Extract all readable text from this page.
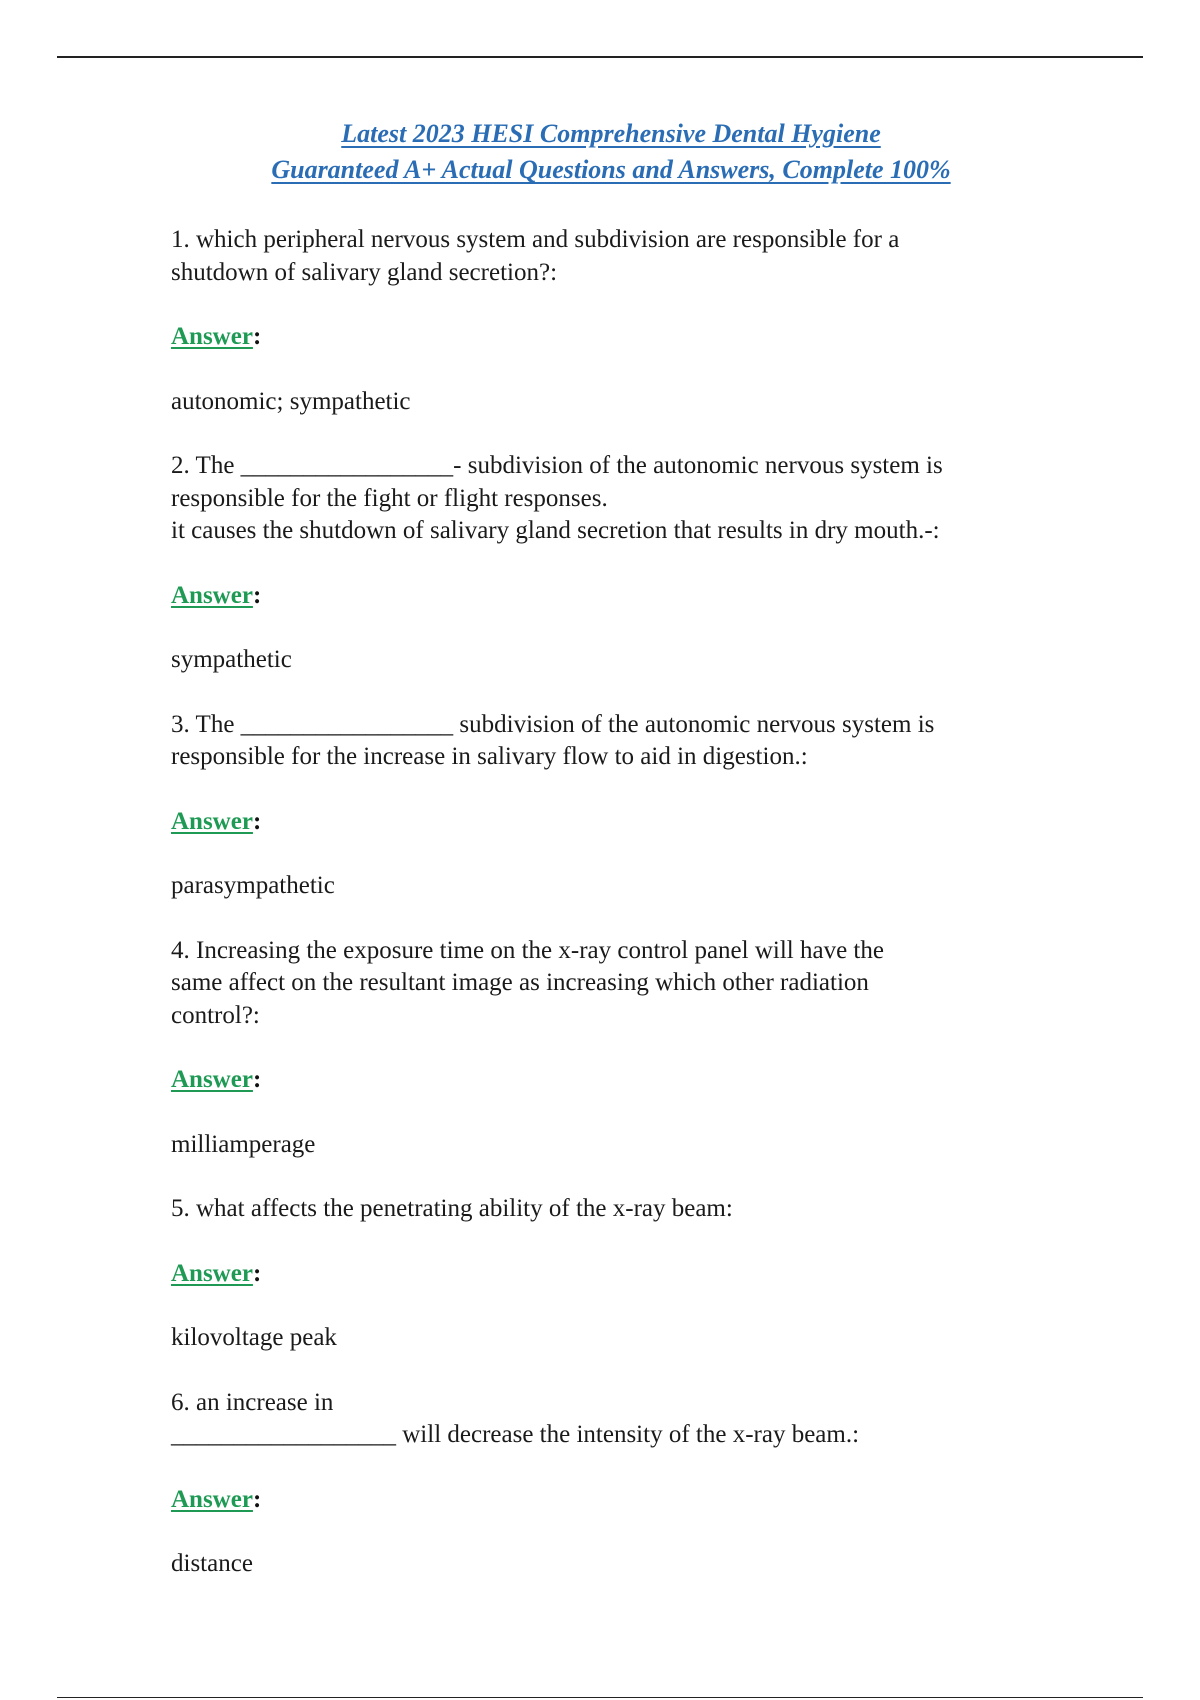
Latest 2023 HESI Comprehensive Dental Hygiene
Guaranteed A+ Actual Questions and Answers, Complete 100%

1. which peripheral nervous system and subdivision are responsible for a
shutdown of salivary gland secretion?:

Answer:

autonomic; sympathetic

2. The _________________- subdivision of the autonomic nervous system is
responsible for the fight or flight responses.
it causes the shutdown of salivary gland secretion that results in dry mouth.-:

Answer:

sympathetic

3. The _________________ subdivision of the autonomic nervous system is
responsible for the increase in salivary flow to aid in digestion.:

Answer:

parasympathetic

4. Increasing the exposure time on the x-ray control panel will have the
same affect on the resultant image as increasing which other radiation
control?:

Answer:

milliamperage

5. what affects the penetrating ability of the x-ray beam:

Answer:

kilovoltage peak

6. an increase in
__________________ will decrease the intensity of the x-ray beam.:

Answer:

distance
